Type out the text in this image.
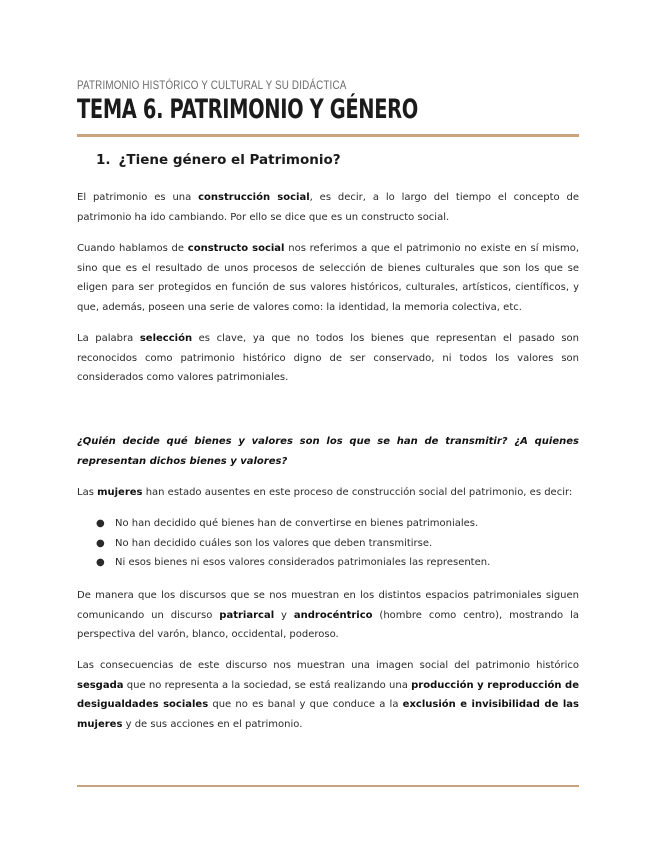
PATRIMONIO HISTÓRICO Y CULTURAL Y SU DIDÁCTICA
TEMA 6. PATRIMONIO Y GÉNERO
1. ¿Tiene género el Patrimonio?

El patrimonio es una construcción social, es decir, a lo largo del tiempo el concepto de patrimonio ha ido cambiando. Por ello se dice que es un constructo social.

Cuando hablamos de constructo social nos referimos a que el patrimonio no existe en sí mismo, sino que es el resultado de unos procesos de selección de bienes culturales que son los que se eligen para ser protegidos en función de sus valores históricos, culturales, artísticos, científicos, y que, además, poseen una serie de valores como: la identidad, la memoria colectiva, etc.

La palabra selección es clave, ya que no todos los bienes que representan el pasado son reconocidos como patrimonio histórico digno de ser conservado, ni todos los valores son considerados como valores patrimoniales.

¿Quién decide qué bienes y valores son los que se han de transmitir? ¿A quienes representan dichos bienes y valores?

Las mujeres han estado ausentes en este proceso de construcción social del patrimonio, es decir:

● No han decidido qué bienes han de convertirse en bienes patrimoniales.
● No han decidido cuáles son los valores que deben transmitirse.
● Ni esos bienes ni esos valores considerados patrimoniales las representen.

De manera que los discursos que se nos muestran en los distintos espacios patrimoniales siguen comunicando un discurso patriarcal y androcéntrico (hombre como centro), mostrando la perspectiva del varón, blanco, occidental, poderoso.

Las consecuencias de este discurso nos muestran una imagen social del patrimonio histórico sesgada que no representa a la sociedad, se está realizando una producción y reproducción de desigualdades sociales que no es banal y que conduce a la exclusión e invisibilidad de las mujeres y de sus acciones en el patrimonio.
